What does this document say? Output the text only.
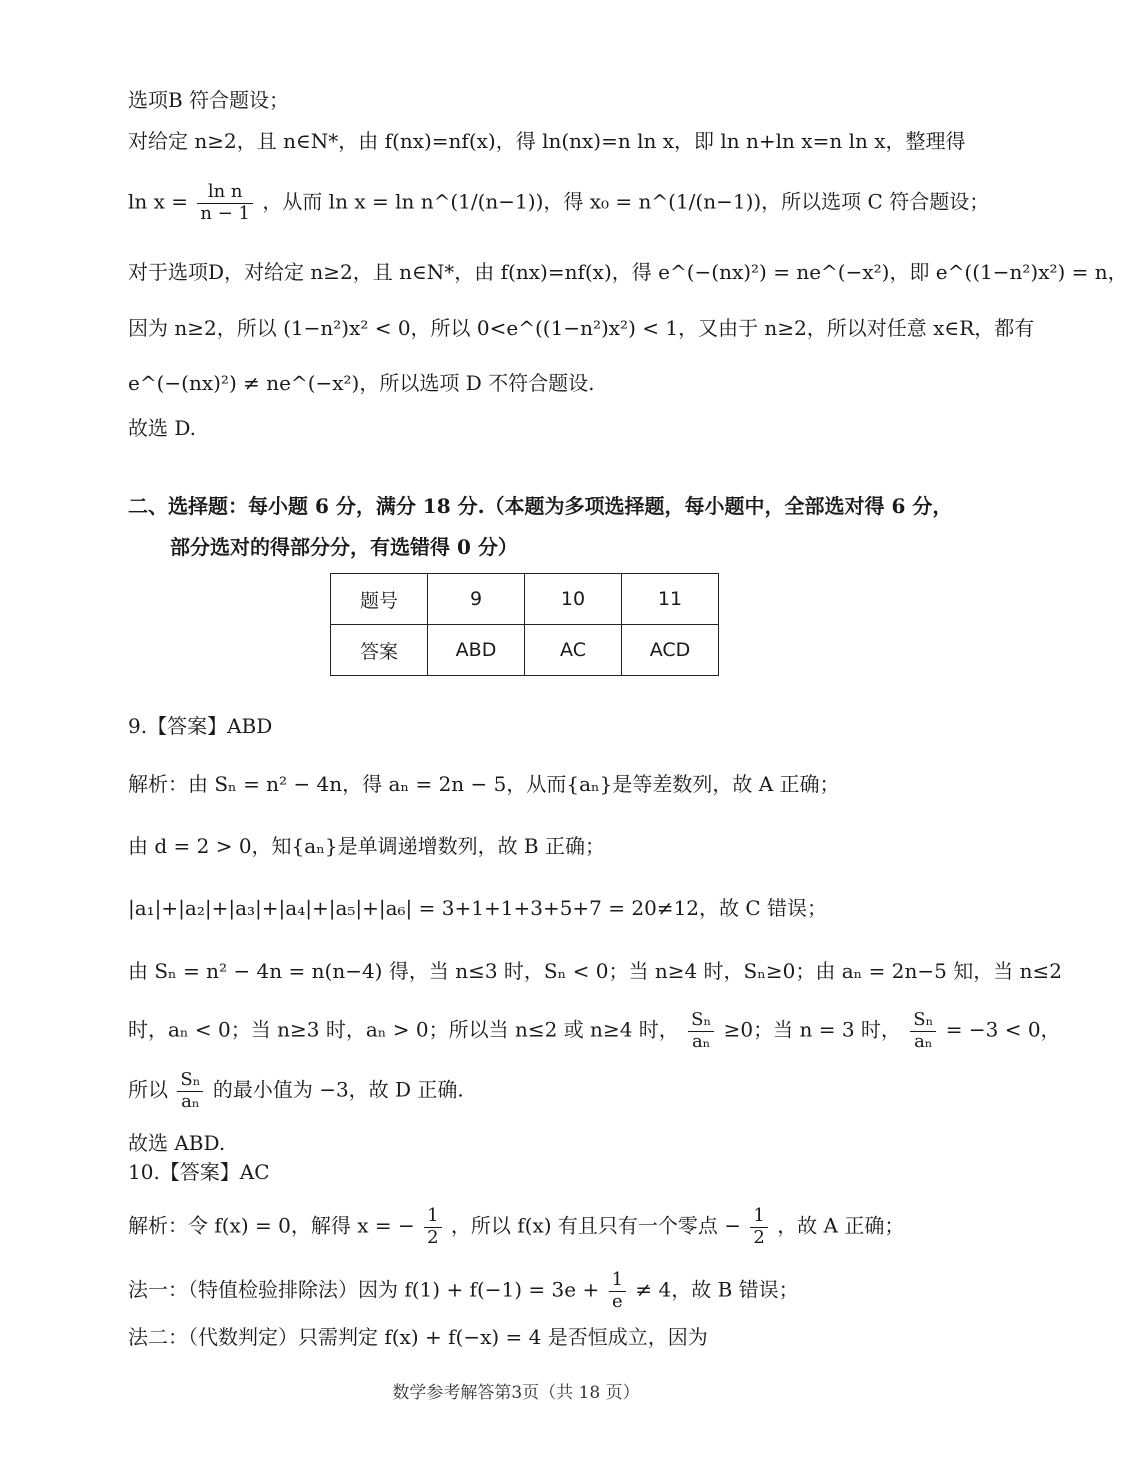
选项B 符合题设；
对给定 n≥2，且 n∈N*，由 f(nx)=nf(x)，得 ln(nx)=n ln x，即 ln n+ln x=n ln x，整理得
$\ln x = \frac{\text{ln n}}{n - 1}$ ，从而 ln x = ln n^(1/(n−1))，得 x₀ = n^(1/(n−1))，所以选项 C 符合题设；
对于选项D，对给定 n≥2，且 n∈N*，由 f(nx)=nf(x)，得 e^(−(nx)²) = ne^(−x²)，即 e^((1−n²)x²) = n，
因为 n≥2，所以 (1−n²)x² < 0，所以 0<e^((1−n²)x²) < 1，又由于 n≥2，所以对任意 x∈R，都有
e^(−(nx)²) ≠ ne^(−x²)，所以选项 D 不符合题设.
故选 D.
二、选择题：每小题 6 分，满分 18 分.（本题为多项选择题，每小题中，全部选对得 6 分，
部分选对的得部分分，有选错得 0 分）
题号	9	10	11
答案	ABD	AC	ACD
9.【答案】ABD
解析：由 Sₙ = n² − 4n，得 aₙ = 2n − 5，从而{aₙ}是等差数列，故 A 正确；
由 d = 2 > 0，知{aₙ}是单调递增数列，故 B 正确；
|a₁|+|a₂|+|a₃|+|a₄|+|a₅|+|a₆| = 3+1+1+3+5+7 = 20≠12，故 C 错误；
由 Sₙ = n² − 4n = n(n−4) 得，当 n≤3 时，Sₙ < 0；当 n≥4 时，Sₙ≥0；由 aₙ = 2n−5 知，当 n≤2
时，aₙ < 0；当 n≥3 时，aₙ > 0；所以当 n≤2 或 n≥4 时， $\frac{\text{Sₙ}}{\text{aₙ}} \ge 0$；当 n = 3 时， $\frac{\text{Sₙ}}{\text{aₙ}} = -3 < 0$，
所以 $\frac{\text{Sₙ}}{\text{aₙ}}$ 的最小值为 −3，故 D 正确.
故选 ABD.
10.【答案】AC
解析：令 f(x) = 0，解得 x = − $\frac{1}{2}$ ，所以 f(x) 有且只有一个零点 − $\frac{1}{2}$ ，故 A 正确；
法一：（特值检验排除法）因为 $f(1) + f(-1) = 3e + \frac{1}{e} \ne 4$，故 B 错误；
法二：（代数判定）只需判定 f(x) + f(−x) = 4 是否恒成立，因为
数学参考解答第3页（共 18 页）
